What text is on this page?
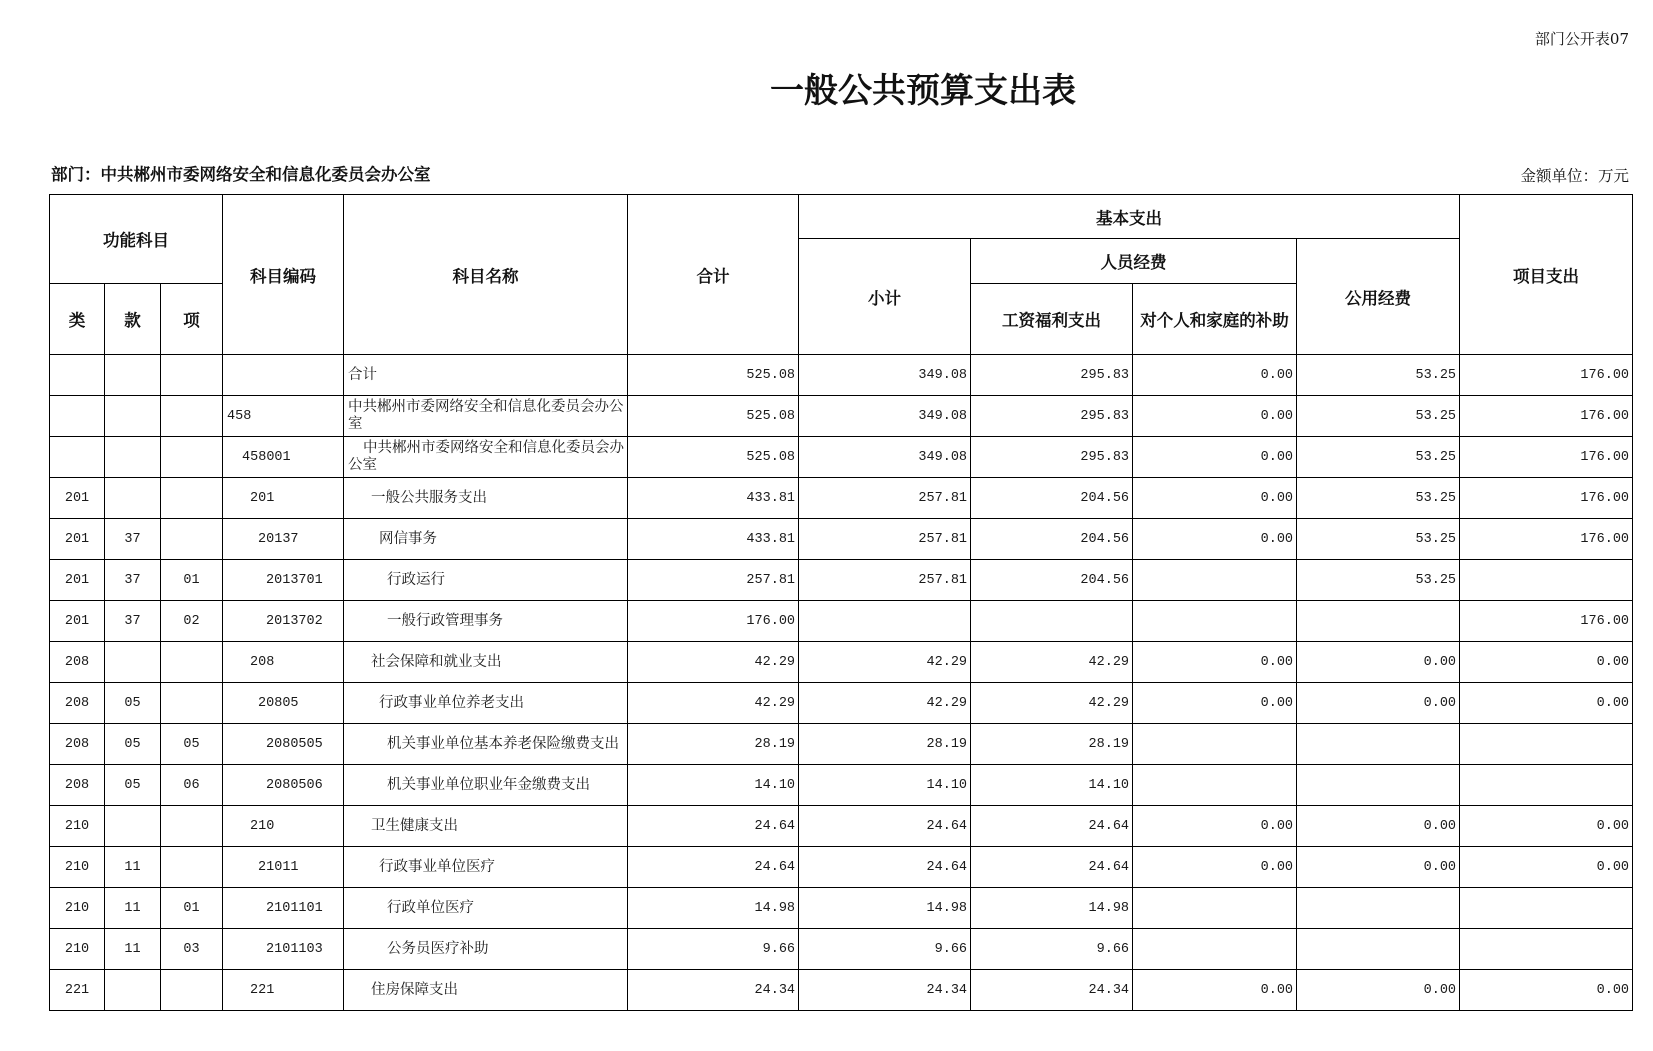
部门公开表07
一般公共预算支出表
部门：中共郴州市委网络安全和信息化委员会办公室	金额单位：万元
功能科目			科目编码	科目名称	合计	基本支出				项目支出
						小计	人员经费		公用经费	
类	款	项					工资福利支出	对个人和家庭的补助		
				合计	525.08	349.08	295.83	0.00	53.25	176.00
			458	中共郴州市委网络安全和信息化委员会办公室	525.08	349.08	295.83	0.00	53.25	176.00
			458001	中共郴州市委网络安全和信息化委员会办公室	525.08	349.08	295.83	0.00	53.25	176.00
201			201	一般公共服务支出	433.81	257.81	204.56	0.00	53.25	176.00
201	37		20137	网信事务	433.81	257.81	204.56	0.00	53.25	176.00
201	37	01	2013701	行政运行	257.81	257.81	204.56		53.25	
201	37	02	2013702	一般行政管理事务	176.00					176.00
208			208	社会保障和就业支出	42.29	42.29	42.29	0.00	0.00	0.00
208	05		20805	行政事业单位养老支出	42.29	42.29	42.29	0.00	0.00	0.00
208	05	05	2080505	机关事业单位基本养老保险缴费支出	28.19	28.19	28.19			
208	05	06	2080506	机关事业单位职业年金缴费支出	14.10	14.10	14.10			
210			210	卫生健康支出	24.64	24.64	24.64	0.00	0.00	0.00
210	11		21011	行政事业单位医疗	24.64	24.64	24.64	0.00	0.00	0.00
210	11	01	2101101	行政单位医疗	14.98	14.98	14.98			
210	11	03	2101103	公务员医疗补助	9.66	9.66	9.66			
221			221	住房保障支出	24.34	24.34	24.34	0.00	0.00	0.00
